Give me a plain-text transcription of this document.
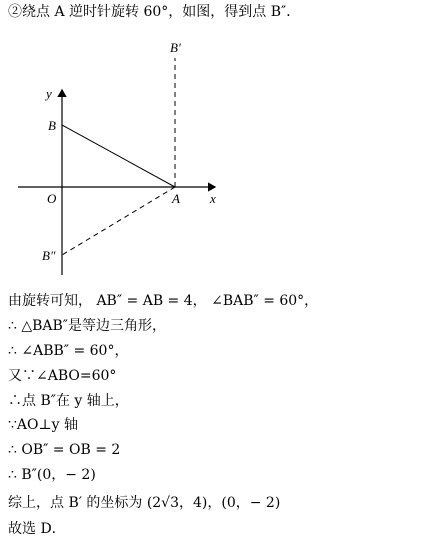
②绕点 A 逆时针旋转 60°，如图，得到点 B″．
y
x
O	A
B
B′
B″
由旋转可知， AB″ = AB = 4， ∠BAB″ = 60°，
∴ △BAB″是等边三角形，
∴ ∠ABB″ = 60°，
又∵∠ABO=60°
∴点 B″在 y 轴上，
∵AO⊥y 轴
∴ OB″ = OB = 2
∴ B″(0，− 2)
综上，点 B′ 的坐标为 (2√3，4)，(0，− 2)
故选 D．
